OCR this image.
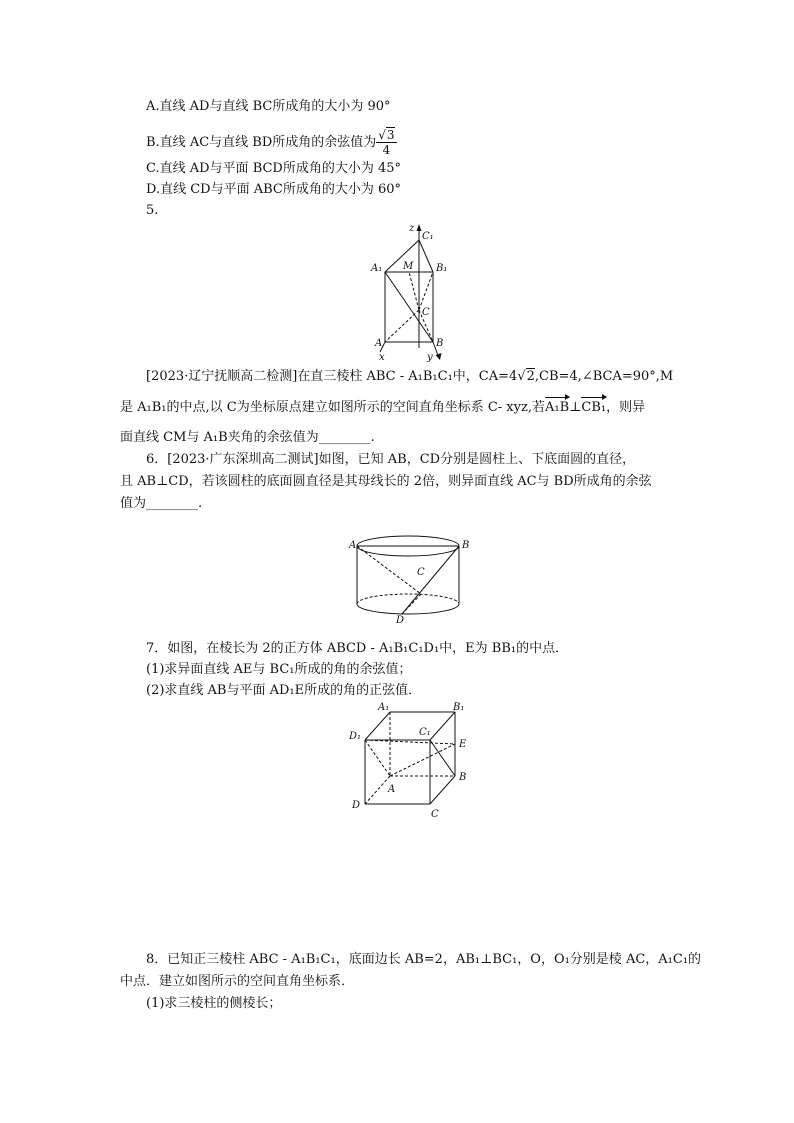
A.直线 AD与直线 BC所成角的大小为 90°
B.直线 AC与直线 BD所成角的余弦值为 $\frac{√3}{4}$
C.直线 AD与平面 BCD所成角的大小为 45°
D.直线 CD与平面 ABC所成角的大小为 60°
5.
z
C₁
A₁ M B₁
C
A	B
x	y
[2023·辽宁抚顺高二检测]在直三棱柱 ABC - A₁B₁C₁中，CA=4√2,CB=4,∠BCA=90°,M
是 A₁B₁的中点,以 C为坐标原点建立如图所示的空间直角坐标系 C- xyz,若A₁B⊥CB₁，则异
面直线 CM与 A₁B夹角的余弦值为________.
6．[2023·广东深圳高二测试]如图，已知 AB，CD分别是圆柱上、下底面圆的直径，
且 AB⊥CD，若该圆柱的底面圆直径是其母线长的 2倍，则异面直线 AC与 BD所成角的余弦
值为________.
A	B
C
D
7．如图，在棱长为 2的正方体 ABCD - A₁B₁C₁D₁中，E为 BB₁的中点．
(1)求异面直线 AE与 BC₁所成的角的余弦值；
(2)求直线 AB与平面 AD₁E所成的角的正弦值．
A₁	B₁
C₁
D₁
E
B
A
D
C
8．已知正三棱柱 ABC - A₁B₁C₁，底面边长 AB=2，AB₁⊥BC₁，O，O₁分别是棱 AC，A₁C₁的
中点．建立如图所示的空间直角坐标系．
(1)求三棱柱的侧棱长；
